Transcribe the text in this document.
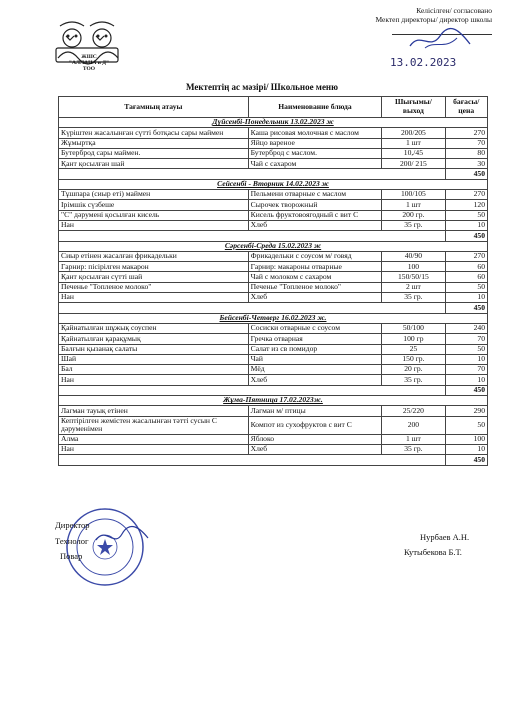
ЖШС
"АЛЛАНА и Д"
ТОО
Келісілген/ согласовано
Мектеп директоры/ директор школы
13.02.2023
Мектептің ас мәзірі/ Школьное меню
Тағамның атауы	Наименование блюда	Шығымы/ выход	бағасы/ цена
Дүйсенбі-Понедельник 13.02.2023 ж			
Күріштен жасалынған сүтті ботқасы сары маймен	Каша рисовая молочная с маслом	200/205	270
Жұмыртқа	Яйцо вареное	1 шт	70
Бутерброд сары маймен.	Бутерброд с маслом.	10,/45	80
Қант қосылған шай	Чай с сахаром	200/ 215	30
			450
Сейсенбі - Вторник 14.02.2023 ж			
Тұшпара (сиыр еті) маймен	Пельмени отварные с маслом	100/105	270
Ірімшік сүзбеше	Сырочек творожный	1 шт	120
"С" дәрумені қосылған кисель	Кисель фруктовоягодный с вит С	200 гр.	50
Нан	Хлеб	35 гр.	10
			450
Сәрсенбі-Среда 15.02.2023 ж			
Сиыр етінен жасалған фрикадельки	Фрикадельки с соусом м/ говяд	40/90	270
Гарнир: пісірілген макарон	Гарнир: макароны отварные	100	60
Қант қосылған сүтті шай	Чай с молоком с сахаром	150/50/15	60
Печенье "Топленое молоко"	Печенье "Топленое молоко"	2 шт	50
Нан	Хлеб	35 гр.	10
			450
Бейсенбі-Четверг 16.02.2023 ж.			
Қайнатылған шұжық соуспен	Сосиски отварные с соусом	50/100	240
Қайнатылған қарақұмық	Гречка отварная	100 гр	70
Балғын қызанақ салаты	Салат из св помидор	25	50
Шай	Чай	150 гр.	10
Бал	Мёд	20 гр.	70
Нан	Хлеб	35 гр.	10
			450
Жұма-Пятница 17.02.2023ж.			
Лагман тауық етінен	Лагман м/ птицы	25/220	290
Кептірілген жемістен жасалынған тәтті сусын С дәруменімен	Компот из сухофруктов с вит С	200	50
Алма	Яблоко	1 шт	100
Нан	Хлеб	35 гр.	10
			450
Директор
Технолог
Повар
Нурбаев А.Н.
Кутыбекова Б.Т.
